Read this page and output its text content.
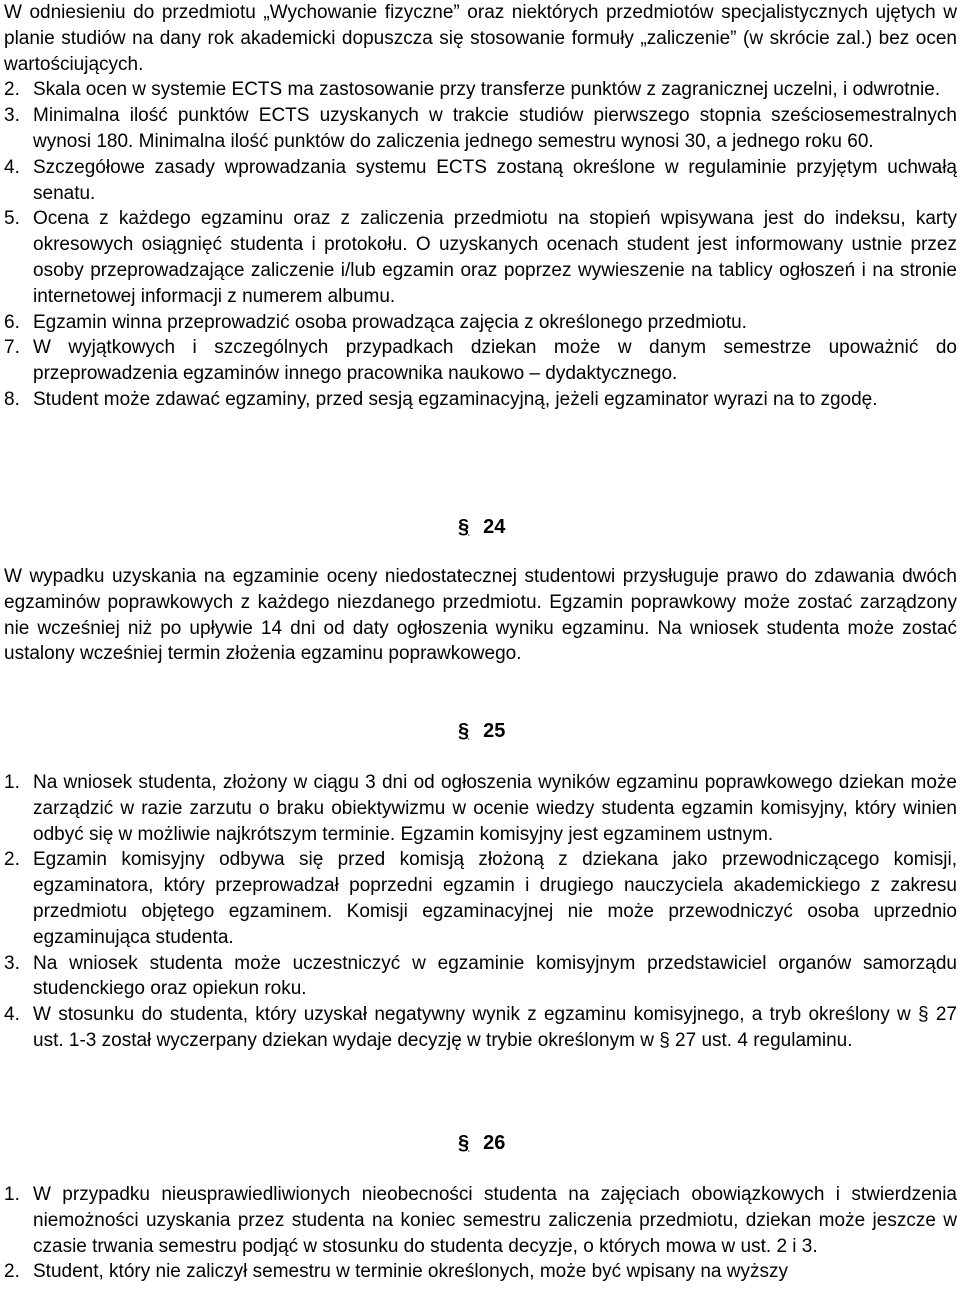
W odniesieniu do przedmiotu „Wychowanie fizyczne” oraz niektórych przedmiotów specjalistycznych ujętych w planie studiów na dany rok akademicki dopuszcza się stosowanie formuły „zaliczenie” (w skrócie zal.) bez ocen wartościujących.
2. Skala ocen w systemie ECTS ma zastosowanie przy transferze punktów z zagranicznej uczelni, i odwrotnie.
3. Minimalna ilość punktów ECTS uzyskanych w trakcie studiów pierwszego stopnia sześciosemestralnych wynosi 180. Minimalna ilość punktów do zaliczenia jednego semestru wynosi 30, a jednego roku 60.
4. Szczegółowe zasady wprowadzania systemu ECTS zostaną określone w regulaminie przyjętym uchwałą senatu.
5. Ocena z każdego egzaminu oraz z zaliczenia przedmiotu na stopień wpisywana jest do indeksu, karty okresowych osiągnięć studenta i protokołu. O uzyskanych ocenach student jest informowany ustnie przez osoby przeprowadzające zaliczenie i/lub egzamin oraz poprzez wywieszenie na tablicy ogłoszeń i na stronie internetowej informacji z numerem albumu.
6. Egzamin winna przeprowadzić osoba prowadząca zajęcia z określonego przedmiotu.
7. W wyjątkowych i szczególnych przypadkach dziekan może w danym semestrze upoważnić do przeprowadzenia egzaminów innego pracownika naukowo – dydaktycznego.
8. Student może zdawać egzaminy, przed sesją egzaminacyjną, jeżeli egzaminator wyrazi na to zgodę.
§ 24
W wypadku uzyskania na egzaminie oceny niedostatecznej studentowi przysługuje prawo do zdawania dwóch egzaminów poprawkowych z każdego niezdanego przedmiotu. Egzamin poprawkowy może zostać zarządzony nie wcześniej niż po upływie 14 dni od daty ogłoszenia wyniku egzaminu. Na wniosek studenta może zostać ustalony wcześniej termin złożenia egzaminu poprawkowego.
§ 25
1. Na wniosek studenta, złożony w ciągu 3 dni od ogłoszenia wyników egzaminu poprawkowego dziekan może zarządzić w razie zarzutu o braku obiektywizmu w ocenie wiedzy studenta egzamin komisyjny, który winien odbyć się w możliwie najkrótszym terminie. Egzamin komisyjny jest egzaminem ustnym.
2. Egzamin komisyjny odbywa się przed komisją złożoną z dziekana jako przewodniczącego komisji, egzaminatora, który przeprowadzał poprzedni egzamin i drugiego nauczyciela akademickiego z zakresu przedmiotu objętego egzaminem. Komisji egzaminacyjnej nie może przewodniczyć osoba uprzednio egzaminująca studenta.
3. Na wniosek studenta może uczestniczyć w egzaminie komisyjnym przedstawiciel organów samorządu studenckiego oraz opiekun roku.
4. W stosunku do studenta, który uzyskał negatywny wynik z egzaminu komisyjnego, a tryb określony w § 27 ust. 1-3 został wyczerpany dziekan wydaje decyzję w trybie określonym w § 27 ust. 4 regulaminu.
§ 26
1. W przypadku nieusprawiedliwionych nieobecności studenta na zajęciach obowiązkowych i stwierdzenia niemożności uzyskania przez studenta na koniec semestru zaliczenia przedmiotu, dziekan może jeszcze w czasie trwania semestru podjąć w stosunku do studenta decyzje, o których mowa w ust. 2 i 3.
2. Student, który nie zaliczył semestru w terminie określonych, może być wpisany na wyższy
